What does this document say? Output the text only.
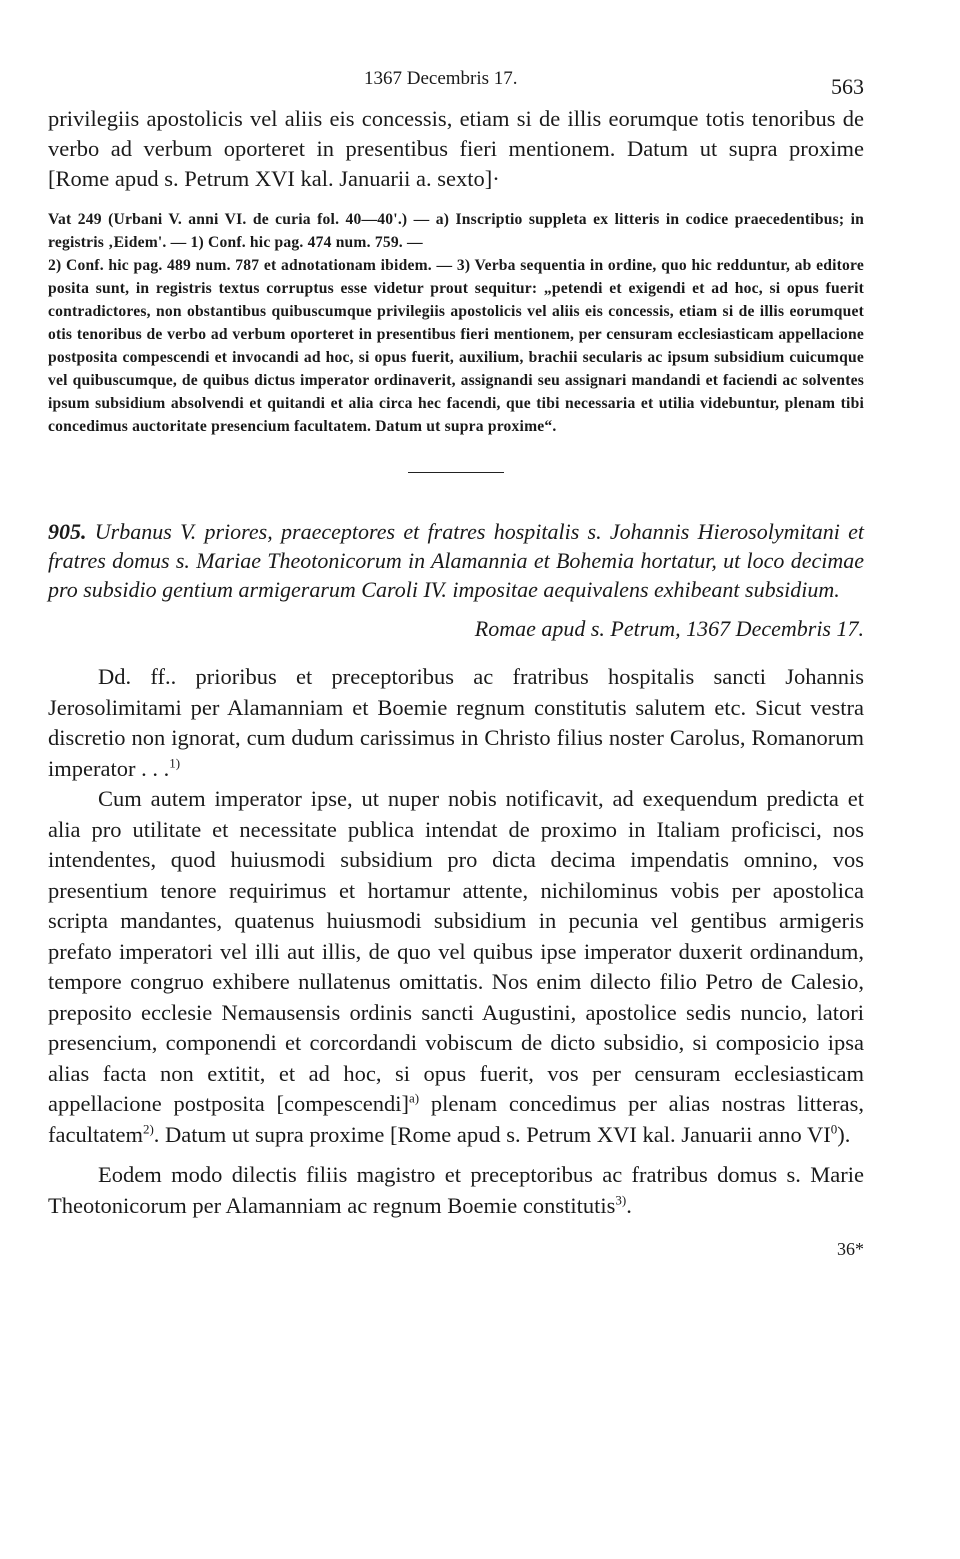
1367 Decembris 17.	563

privilegiis apostolicis vel aliis eis concessis, etiam si de illis eorumque totis tenoribus de verbo ad verbum oporteret in presentibus fieri mentionem. Datum ut supra proxime [Rome apud s. Petrum XVI kal. Januarii a. sexto]·

Vat 249 (Urbani V. anni VI. de curia fol. 40—40'.) — a) Inscriptio suppleta ex litteris in codice praecedentibus; in registris ‚Eidem'. — 1) Conf. hic pag. 474 num. 759. —

2) Conf. hic pag. 489 num. 787 et adnotationam ibidem. — 3) Verba sequentia in ordine, quo hic redduntur, ab editore posita sunt, in registris textus corruptus esse videtur prout sequitur: „petendi et exigendi et ad hoc, si opus fuerit contradictores, non obstantibus quibuscumque privilegiis apostolicis vel aliis eis concessis, etiam si de illis eorumquet otis tenoribus de verbo ad verbum oporteret in presentibus fieri mentionem, per censuram ecclesiasticam appellacione postposita compescendi et invocandi ad hoc, si opus fuerit, auxilium, brachii secularis ac ipsum subsidium cuicumque vel quibuscumque, de quibus dictus imperator ordinaverit, assignandi seu assignari mandandi et faciendi ac solventes ipsum subsidium absolvendi et quitandi et alia circa hec facendi, que tibi necessaria et utilia videbuntur, plenam tibi concedimus auctoritate presencium facultatem. Datum ut supra proxime“.

905. Urbanus V. priores, praeceptores et fratres hospitalis s. Johannis Hierosolymitani et fratres domus s. Mariae Theotonicorum in Alamannia et Bohemia hortatur, ut loco decimae pro subsidio gentium armigerarum Caroli IV. impositae aequivalens exhibeant subsidium.

Romae apud s. Petrum, 1367 Decembris 17.

Dd. ff.. prioribus et preceptoribus ac fratribus hospitalis sancti Johannis Jerosolimitami per Alamanniam et Boemie regnum constitutis salutem etc. Sicut vestra discretio non ignorat, cum dudum carissimus in Christo filius noster Carolus, Romanorum imperator . . .$^{1)}$

Cum autem imperator ipse, ut nuper nobis notificavit, ad exequendum predicta et alia pro utilitate et necessitate publica intendat de proximo in Italiam proficisci, nos intendentes, quod huiusmodi subsidium pro dicta decima impendatis omnino, vos presentium tenore requirimus et hortamur attente, nichilominus vobis per apostolica scripta mandantes, quatenus huiusmodi subsidium in pecunia vel gentibus armigeris prefato imperatori vel illi aut illis, de quo vel quibus ipse imperator duxerit ordinandum, tempore congruo exhibere nullatenus omittatis. Nos enim dilecto filio Petro de Calesio, preposito ecclesie Nemausensis ordinis sancti Augustini, apostolice sedis nuncio, latori presencium, componendi et corcordandi vobiscum de dicto subsidio, si composicio ipsa alias facta non extitit, et ad hoc, si opus fuerit, vos per censuram ecclesiasticam appellacione postposita [compescendi]$^{a)}$ plenam concedimus per alias nostras litteras, facultatem$^{2)}$. Datum ut supra proxime [Rome apud s. Petrum XVI kal. Januarii anno $VI^0$).

Eodem modo dilectis filiis magistro et preceptoribus ac fratribus domus s. Marie Theotonicorum per Alamanniam ac regnum Boemie constitutis$^{3)}$.

36*
